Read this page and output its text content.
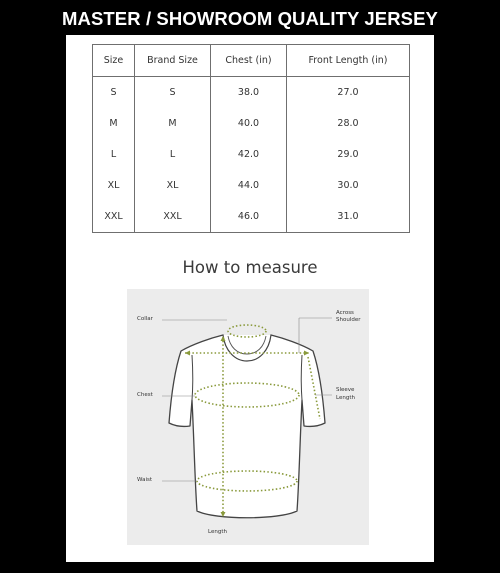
MASTER / SHOWROOM QUALITY JERSEY
Size	Brand Size	Chest (in)	Front Length (in)
S	S	38.0	27.0
M	M	40.0	28.0
L	L	42.0	29.0
XL	XL	44.0	30.0
XXL	XXL	46.0	31.0
How to measure
Collar
Across
Shoulder
Chest
Sleeve
Length
Waist
Length
